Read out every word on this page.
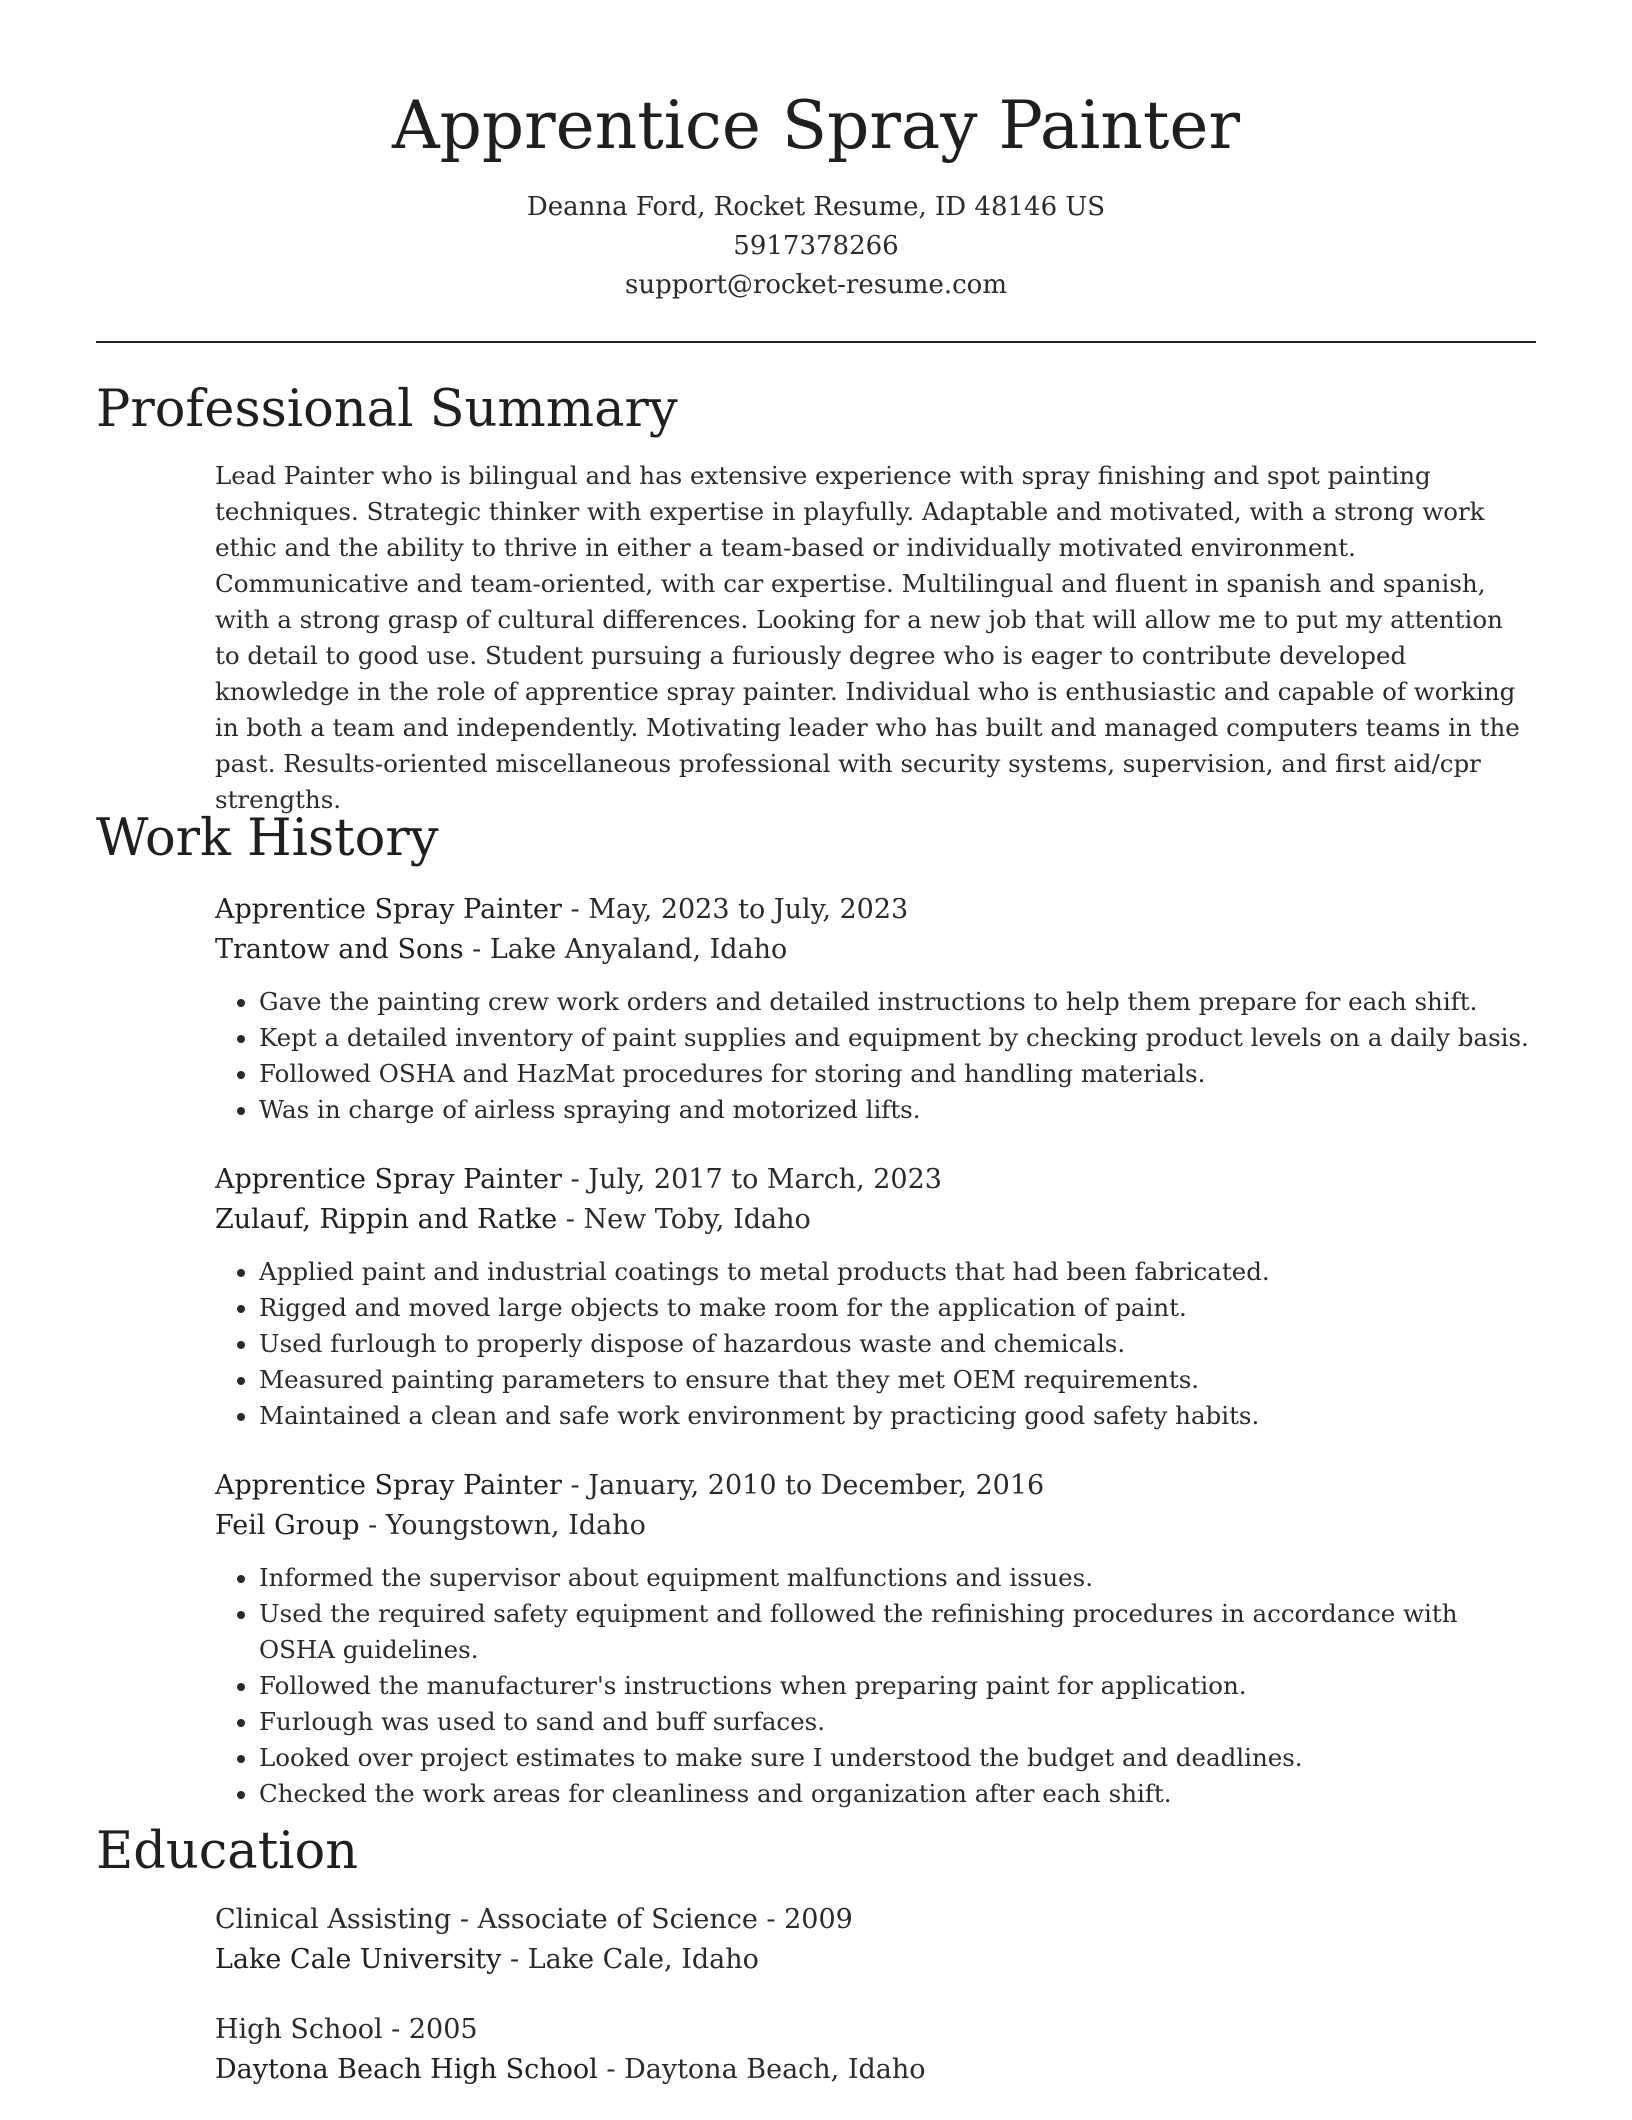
Apprentice Spray Painter
Deanna Ford, Rocket Resume, ID 48146 US
5917378266
support@rocket-resume.com
Professional Summary

Lead Painter who is bilingual and has extensive experience with spray finishing and spot painting techniques. Strategic thinker with expertise in playfully. Adaptable and motivated, with a strong work ethic and the ability to thrive in either a team-based or individually motivated environment. Communicative and team-oriented, with car expertise. Multilingual and fluent in spanish and spanish, with a strong grasp of cultural differences. Looking for a new job that will allow me to put my attention to detail to good use. Student pursuing a furiously degree who is eager to contribute developed knowledge in the role of apprentice spray painter. Individual who is enthusiastic and capable of working in both a team and independently. Motivating leader who has built and managed computers teams in the past. Results-oriented miscellaneous professional with security systems, supervision, and first aid/cpr strengths.

Work History
Apprentice Spray Painter - May, 2023 to July, 2023
Trantow and Sons - Lake Anyaland, Idaho
• Gave the painting crew work orders and detailed instructions to help them prepare for each shift.
• Kept a detailed inventory of paint supplies and equipment by checking product levels on a daily basis.
• Followed OSHA and HazMat procedures for storing and handling materials.
• Was in charge of airless spraying and motorized lifts.
Apprentice Spray Painter - July, 2017 to March, 2023
Zulauf, Rippin and Ratke - New Toby, Idaho
• Applied paint and industrial coatings to metal products that had been fabricated.
• Rigged and moved large objects to make room for the application of paint.
• Used furlough to properly dispose of hazardous waste and chemicals.
• Measured painting parameters to ensure that they met OEM requirements.
• Maintained a clean and safe work environment by practicing good safety habits.
Apprentice Spray Painter - January, 2010 to December, 2016
Feil Group - Youngstown, Idaho
• Informed the supervisor about equipment malfunctions and issues.
• Used the required safety equipment and followed the refinishing procedures in accordance with OSHA guidelines.
• Followed the manufacturer's instructions when preparing paint for application.
• Furlough was used to sand and buff surfaces.
• Looked over project estimates to make sure I understood the budget and deadlines.
• Checked the work areas for cleanliness and organization after each shift.
Education
Clinical Assisting - Associate of Science - 2009
Lake Cale University - Lake Cale, Idaho
High School - 2005
Daytona Beach High School - Daytona Beach, Idaho
